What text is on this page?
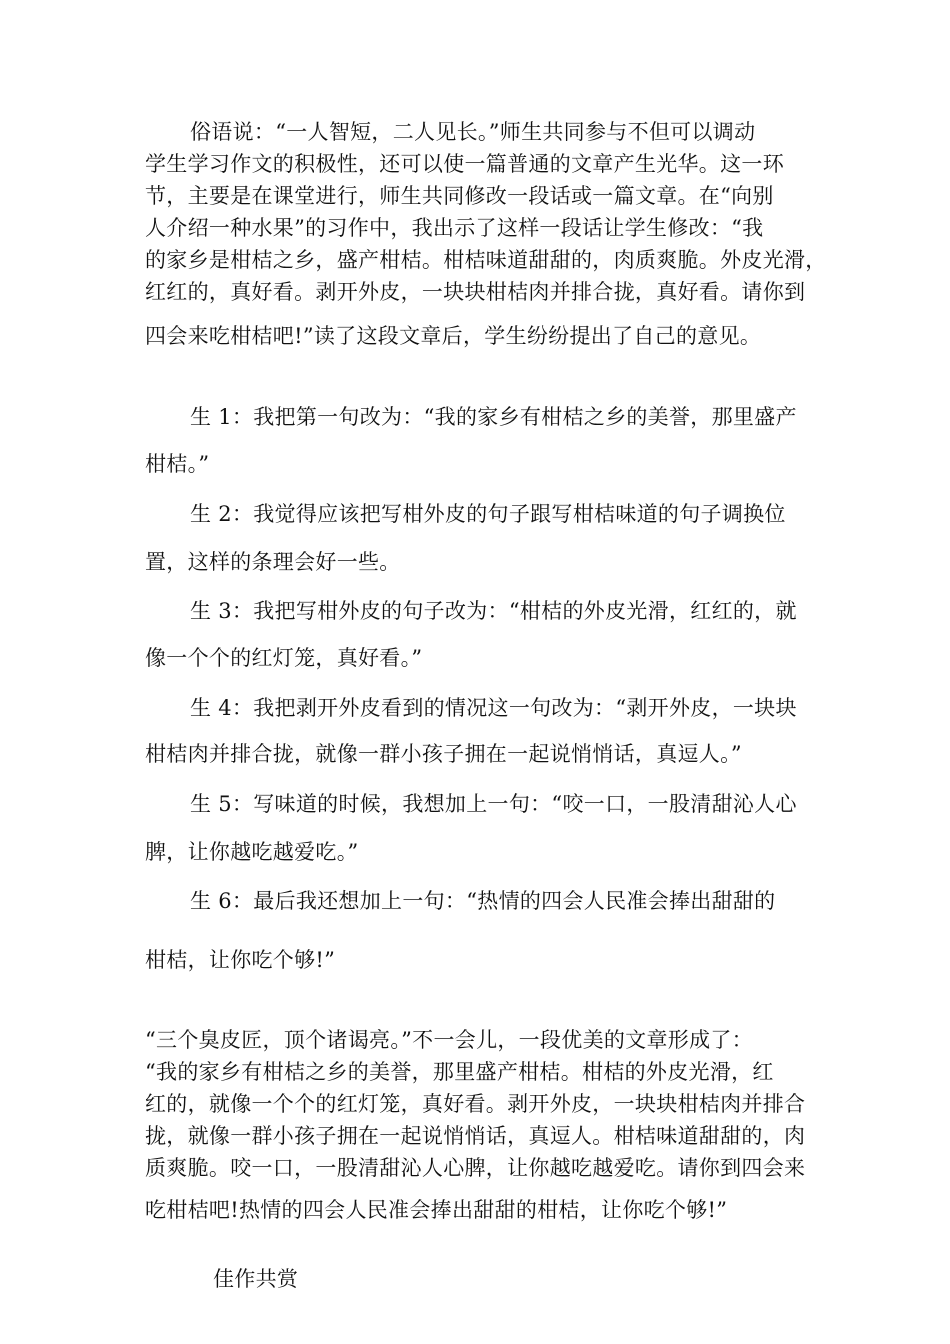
俗语说：“一人智短，二人见长。”师生共同参与不但可以调动
学生学习作文的积极性，还可以使一篇普通的文章产生光华。这一环
节，主要是在课堂进行，师生共同修改一段话或一篇文章。在“向别
人介绍一种水果”的习作中，我出示了这样一段话让学生修改：“我
的家乡是柑桔之乡，盛产柑桔。柑桔味道甜甜的，肉质爽脆。外皮光滑，
红红的，真好看。剥开外皮，一块块柑桔肉并排合拢，真好看。请你到
四会来吃柑桔吧!”读了这段文章后，学生纷纷提出了自己的意见。
生 1：我把第一句改为：“我的家乡有柑桔之乡的美誉，那里盛产
柑桔。”
生 2：我觉得应该把写柑外皮的句子跟写柑桔味道的句子调换位
置，这样的条理会好一些。
生 3：我把写柑外皮的句子改为：“柑桔的外皮光滑，红红的，就
像一个个的红灯笼，真好看。”
生 4：我把剥开外皮看到的情况这一句改为：“剥开外皮，一块块
柑桔肉并排合拢，就像一群小孩子拥在一起说悄悄话，真逗人。”
生 5：写味道的时候，我想加上一句：“咬一口，一股清甜沁人心
脾，让你越吃越爱吃。”
生 6：最后我还想加上一句：“热情的四会人民准会捧出甜甜的
柑桔，让你吃个够!”
“三个臭皮匠，顶个诸谒亮。”不一会儿，一段优美的文章形成了：
“我的家乡有柑桔之乡的美誉，那里盛产柑桔。柑桔的外皮光滑，红
红的，就像一个个的红灯笼，真好看。剥开外皮，一块块柑桔肉并排合
拢，就像一群小孩子拥在一起说悄悄话，真逗人。柑桔味道甜甜的，肉
质爽脆。咬一口，一股清甜沁人心脾，让你越吃越爱吃。请你到四会来
吃柑桔吧!热情的四会人民准会捧出甜甜的柑桔，让你吃个够!”
佳作共赏
